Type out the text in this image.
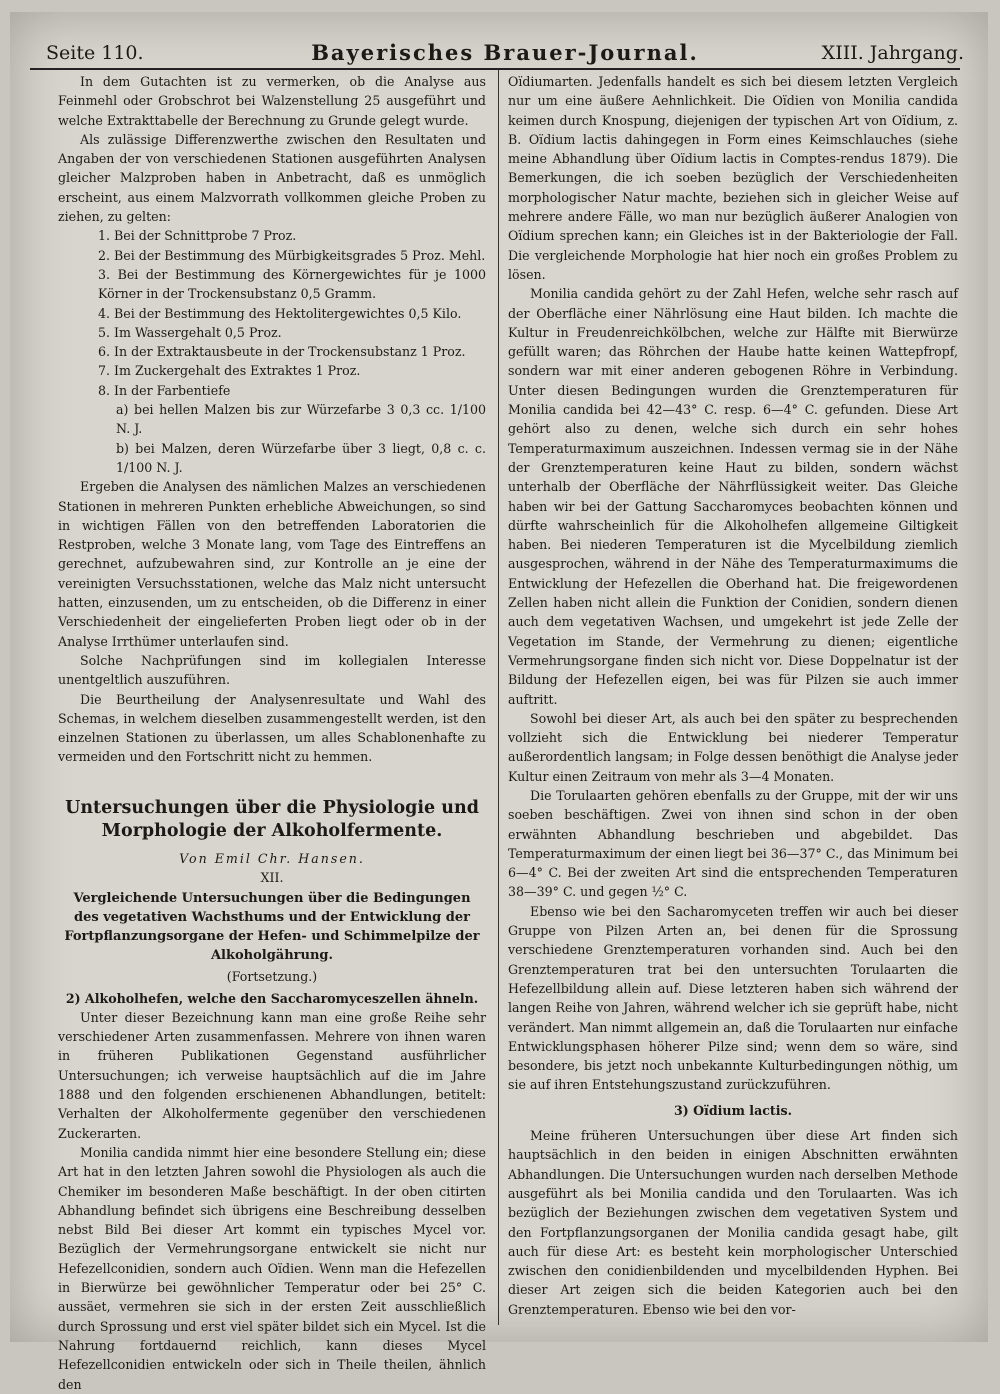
Seite 110.	Bayerisches Brauer-Journal.	XIII. Jahrgang.

In dem Gutachten ist zu vermerken, ob die Analyse aus Feinmehl oder Grobschrot bei Walzenstellung 25 ausgeführt und welche Extrakttabelle der Berechnung zu Grunde gelegt wurde.

Als zulässige Differenzwerthe zwischen den Resultaten und Angaben der von verschiedenen Stationen ausgeführten Analysen gleicher Malzproben haben in Anbetracht, daß es unmöglich erscheint, aus einem Malzvorrath vollkommen gleiche Proben zu ziehen, zu gelten:

1. Bei der Schnittprobe 7 Proz.
2. Bei der Bestimmung des Mürbigkeitsgrades 5 Proz. Mehl.
3. Bei der Bestimmung des Körnergewichtes für je 1000 Körner in der Trockensubstanz 0,5 Gramm.
4. Bei der Bestimmung des Hektolitergewichtes 0,5 Kilo.
5. Im Wassergehalt 0,5 Proz.
6. In der Extraktausbeute in der Trockensubstanz 1 Proz.
7. Im Zuckergehalt des Extraktes 1 Proz.
8. In der Farbentiefe
a) bei hellen Malzen bis zur Würzefarbe 3 0,3 cc. 1/100 N. J.
b) bei Malzen, deren Würzefarbe über 3 liegt, 0,8 c. c. 1/100 N. J.

Ergeben die Analysen des nämlichen Malzes an verschiedenen Stationen in mehreren Punkten erhebliche Abweichungen, so sind in wichtigen Fällen von den betreffenden Laboratorien die Restproben, welche 3 Monate lang, vom Tage des Eintreffens an gerechnet, aufzubewahren sind, zur Kontrolle an je eine der vereinigten Versuchsstationen, welche das Malz nicht untersucht hatten, einzusenden, um zu entscheiden, ob die Differenz in einer Verschiedenheit der eingelieferten Proben liegt oder ob in der Analyse Irrthümer unterlaufen sind.

Solche Nachprüfungen sind im kollegialen Interesse unentgeltlich auszuführen.

Die Beurtheilung der Analysenresultate und Wahl des Schemas, in welchem dieselben zusammengestellt werden, ist den einzelnen Stationen zu überlassen, um alles Schablonenhafte zu vermeiden und den Fortschritt nicht zu hemmen.

Untersuchungen über die Physiologie und Morphologie der Alkoholfermente.
Von Emil Chr. Hansen.
XII.
Vergleichende Untersuchungen über die Bedingungen des vegetativen Wachsthums und der Entwicklung der Fortpflanzungsorgane der Hefen- und Schimmelpilze der Alkoholgährung.
(Fortsetzung.)
2) Alkoholhefen, welche den Saccharomyceszellen ähneln.

Unter dieser Bezeichnung kann man eine große Reihe sehr verschiedener Arten zusammenfassen. Mehrere von ihnen waren in früheren Publikationen Gegenstand ausführlicher Untersuchungen; ich verweise hauptsächlich auf die im Jahre 1888 und den folgenden erschienenen Abhandlungen, betitelt: Verhalten der Alkoholfermente gegenüber den verschiedenen Zuckerarten.

Monilia candida nimmt hier eine besondere Stellung ein; diese Art hat in den letzten Jahren sowohl die Physiologen als auch die Chemiker im besonderen Maße beschäftigt. In der oben citirten Abhandlung befindet sich übrigens eine Beschreibung desselben nebst Bild Bei dieser Art kommt ein typisches Mycel vor. Bezüglich der Vermehrungsorgane entwickelt sie nicht nur Hefezellconidien, sondern auch Oïdien. Wenn man die Hefezellen in Bierwürze bei gewöhnlicher Temperatur oder bei 25° C. aussäet, vermehren sie sich in der ersten Zeit ausschließlich durch Sprossung und erst viel später bildet sich ein Mycel. Ist die Nahrung fortdauernd reichlich, kann dieses Mycel Hefezellconidien entwickeln oder sich in Theile theilen, ähnlich den

Oïdiumarten. Jedenfalls handelt es sich bei diesem letzten Vergleich nur um eine äußere Aehnlichkeit. Die Oïdien von Monilia candida keimen durch Knospung, diejenigen der typischen Art von Oïdium, z. B. Oïdium lactis dahingegen in Form eines Keimschlauches (siehe meine Abhandlung über Oïdium lactis in Comptes-rendus 1879). Die Bemerkungen, die ich soeben bezüglich der Verschiedenheiten morphologischer Natur machte, beziehen sich in gleicher Weise auf mehrere andere Fälle, wo man nur bezüglich äußerer Analogien von Oïdium sprechen kann; ein Gleiches ist in der Bakteriologie der Fall. Die vergleichende Morphologie hat hier noch ein großes Problem zu lösen.

Monilia candida gehört zu der Zahl Hefen, welche sehr rasch auf der Oberfläche einer Nährlösung eine Haut bilden. Ich machte die Kultur in Freudenreichkölbchen, welche zur Hälfte mit Bierwürze gefüllt waren; das Röhrchen der Haube hatte keinen Wattepfropf, sondern war mit einer anderen gebogenen Röhre in Verbindung. Unter diesen Bedingungen wurden die Grenztemperaturen für Monilia candida bei 42—43° C. resp. 6—4° C. gefunden. Diese Art gehört also zu denen, welche sich durch ein sehr hohes Temperaturmaximum auszeichnen. Indessen vermag sie in der Nähe der Grenztemperaturen keine Haut zu bilden, sondern wächst unterhalb der Oberfläche der Nährflüssigkeit weiter. Das Gleiche haben wir bei der Gattung Saccharomyces beobachten können und dürfte wahrscheinlich für die Alkoholhefen allgemeine Giltigkeit haben. Bei niederen Temperaturen ist die Mycelbildung ziemlich ausgesprochen, während in der Nähe des Temperaturmaximums die Entwicklung der Hefezellen die Oberhand hat. Die freigewordenen Zellen haben nicht allein die Funktion der Conidien, sondern dienen auch dem vegetativen Wachsen, und umgekehrt ist jede Zelle der Vegetation im Stande, der Vermehrung zu dienen; eigentliche Vermehrungsorgane finden sich nicht vor. Diese Doppelnatur ist der Bildung der Hefezellen eigen, bei was für Pilzen sie auch immer auftritt.

Sowohl bei dieser Art, als auch bei den später zu besprechenden vollzieht sich die Entwicklung bei niederer Temperatur außerordentlich langsam; in Folge dessen benöthigt die Analyse jeder Kultur einen Zeitraum von mehr als 3—4 Monaten.

Die Torulaarten gehören ebenfalls zu der Gruppe, mit der wir uns soeben beschäftigen. Zwei von ihnen sind schon in der oben erwähnten Abhandlung beschrieben und abgebildet. Das Temperaturmaximum der einen liegt bei 36—37° C., das Minimum bei 6—4° C. Bei der zweiten Art sind die entsprechenden Temperaturen 38—39° C. und gegen ½° C.

Ebenso wie bei den Sacharomyceten treffen wir auch bei dieser Gruppe von Pilzen Arten an, bei denen für die Sprossung verschiedene Grenztemperaturen vorhanden sind. Auch bei den Grenztemperaturen trat bei den untersuchten Torulaarten die Hefezellbildung allein auf. Diese letzteren haben sich während der langen Reihe von Jahren, während welcher ich sie geprüft habe, nicht verändert. Man nimmt allgemein an, daß die Torulaarten nur einfache Entwicklungsphasen höherer Pilze sind; wenn dem so wäre, sind besondere, bis jetzt noch unbekannte Kulturbedingungen nöthig, um sie auf ihren Entstehungszustand zurückzuführen.

3) Oïdium lactis.

Meine früheren Untersuchungen über diese Art finden sich hauptsächlich in den beiden in einigen Abschnitten erwähnten Abhandlungen. Die Untersuchungen wurden nach derselben Methode ausgeführt als bei Monilia candida und den Torulaarten. Was ich bezüglich der Beziehungen zwischen dem vegetativen System und den Fortpflanzungsorganen der Monilia candida gesagt habe, gilt auch für diese Art: es besteht kein morphologischer Unterschied zwischen den conidienbildenden und mycelbildenden Hyphen. Bei dieser Art zeigen sich die beiden Kategorien auch bei den Grenztemperaturen. Ebenso wie bei den vor-
